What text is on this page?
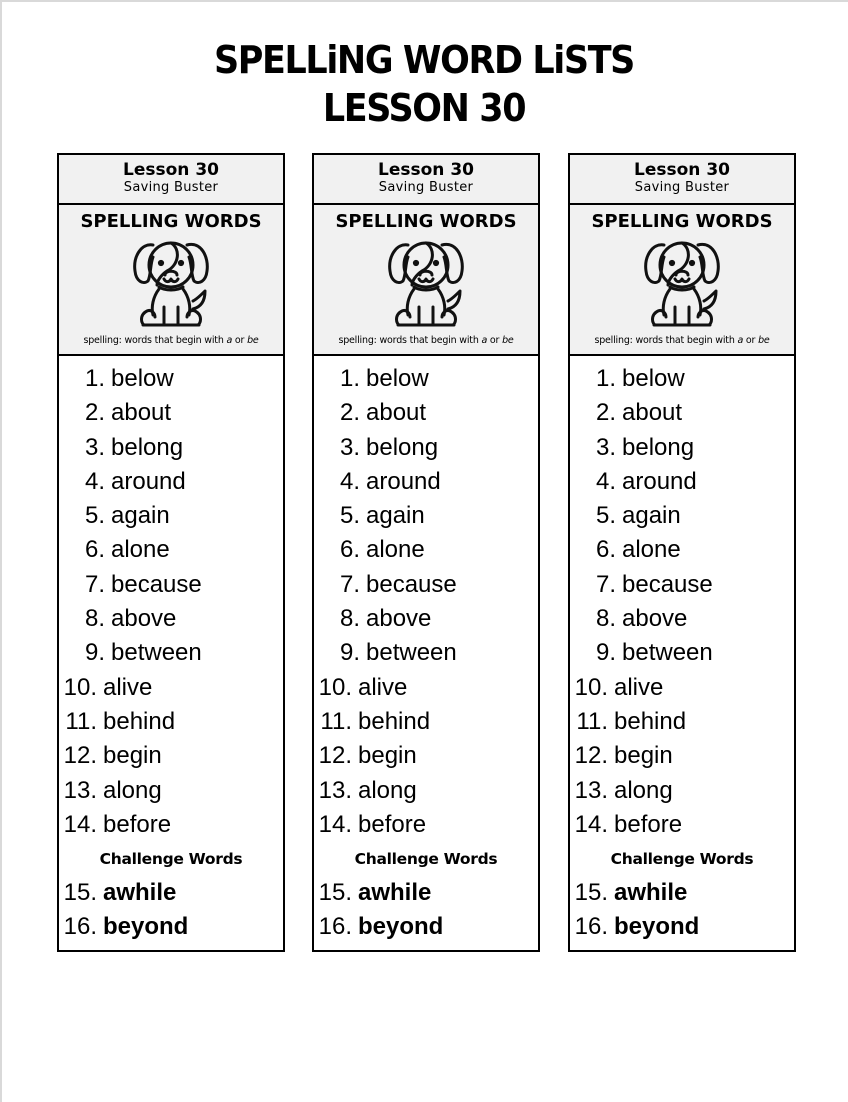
SPELLiNG WORD LiSTS
LESSON 30
Lesson 30
Saving Buster
SPELLING WORDS
spelling: words that begin with a or be
1. below
2. about
3. belong
4. around
5. again
6. alone
7. because
8. above
9. between
10. alive
11. behind
12. begin
13. along
14. before
Challenge Words
15. awhile
16. beyond
Lesson 30
Saving Buster
SPELLING WORDS
spelling: words that begin with a or be
1. below
2. about
3. belong
4. around
5. again
6. alone
7. because
8. above
9. between
10. alive
11. behind
12. begin
13. along
14. before
Challenge Words
15. awhile
16. beyond
Lesson 30
Saving Buster
SPELLING WORDS
spelling: words that begin with a or be
1. below
2. about
3. belong
4. around
5. again
6. alone
7. because
8. above
9. between
10. alive
11. behind
12. begin
13. along
14. before
Challenge Words
15. awhile
16. beyond
